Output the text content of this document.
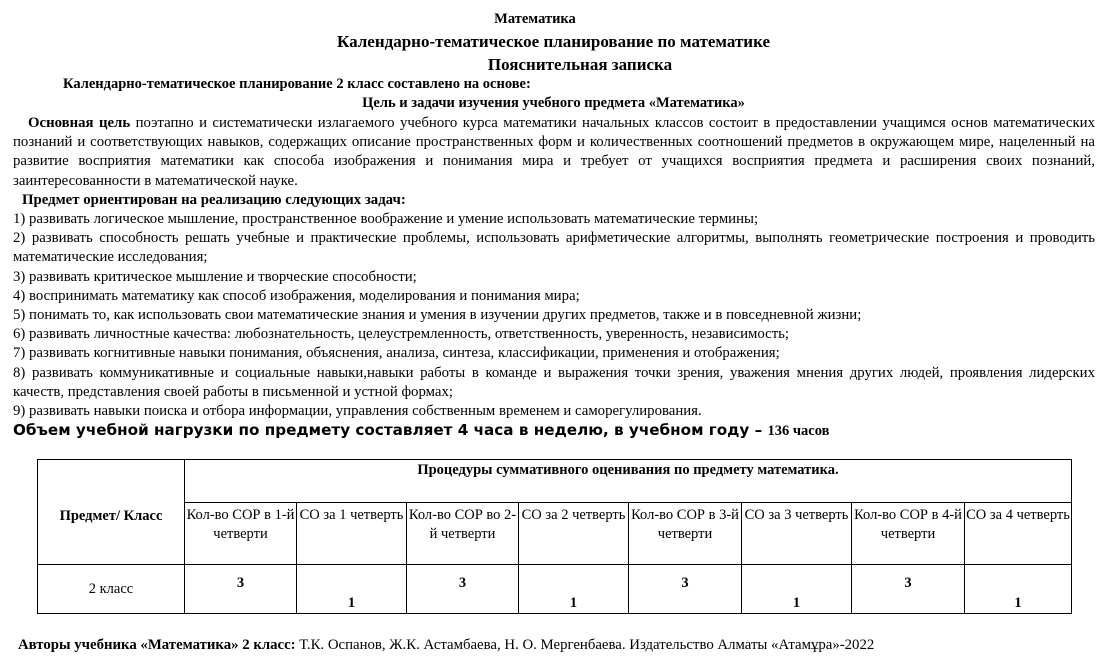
Математика
Календарно-тематическое планирование по математике
Пояснительная записка
Календарно-тематическое планирование 2 класс составлено на основе:
Цель и задачи изучения учебного предмета «Математика»

Основная цель поэтапно и систематически излагаемого учебного курса математики начальных классов состоит в предоставлении учащимся основ математических познаний и соответствующих навыков, содержащих описание пространственных форм и количественных соотношений предметов в окружающем мире, нацеленный на развитие восприятия математики как способа изображения и понимания мира и требует от учащихся восприятия предмета и расширения своих познаний, заинтересованности в математической науке.

Предмет ориентирован на реализацию следующих задач:

1) развивать логическое мышление, пространственное воображение и умение использовать математические термины;

2) развивать способность решать учебные и практические проблемы, использовать арифметические алгоритмы, выполнять геометрические построения и проводить математические исследования;

3) развивать критическое мышление и творческие способности;

4) воспринимать математику как способ изображения, моделирования и понимания мира;

5) понимать то, как использовать свои математические знания и умения в изучении других предметов, также и в повседневной жизни;

6) развивать личностные качества: любознательность, целеустремленность, ответственность, уверенность, независимость;

7) развивать когнитивные навыки понимания, объяснения, анализа, синтеза, классификации, применения и отображения;

8) развивать коммуникативные и социальные навыки,навыки работы в команде и выражения точки зрения, уважения мнения других людей, проявления лидерских качеств, представления своей работы в письменной и устной формах;

9) развивать навыки поиска и отбора информации, управления собственным временем и саморегулирования.

Объем учебной нагрузки по предмету составляет 4 часа в неделю, в учебном году – 136 часов

Предмет/ Класс	Процедуры суммативного оценивания по предмету математика.							
	Кол-во СОР в 1-й четверти	СО за 1 четверть	Кол-во СОР во 2-й четверти	СО за 2 четверть	Кол-во СОР в 3-й четверти	СО за 3 четверть	Кол-во СОР в 4-й четверти	СО за 4 четверть
2 класс	3	1	3	1	3	1	3	1
Авторы учебника «Математика» 2 класс: Т.К. Оспанов, Ж.К. Астамбаева, Н. О. Мергенбаева. Издательство Алматы «Атамұра»-2022
